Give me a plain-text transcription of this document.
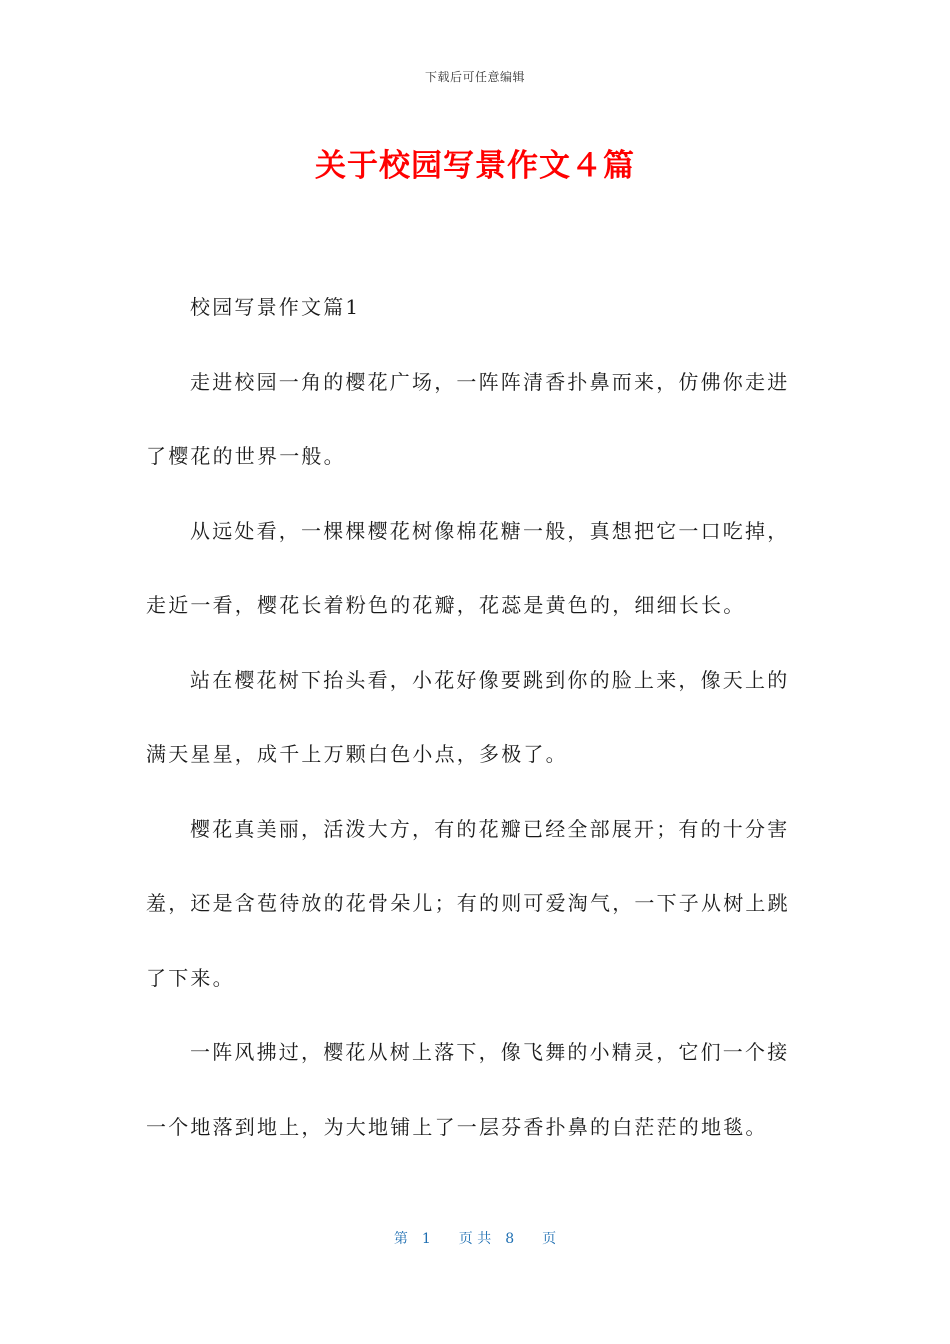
下载后可任意编辑
关于校园写景作文４篇

校园写景作文篇1

走进校园一角的樱花广场，一阵阵清香扑鼻而来，仿佛你走进了樱花的世界一般。

从远处看，一棵棵樱花树像棉花糖一般，真想把它一口吃掉，走近一看，樱花长着粉色的花瓣，花蕊是黄色的，细细长长。

站在樱花树下抬头看，小花好像要跳到你的脸上来，像天上的满天星星，成千上万颗白色小点，多极了。

樱花真美丽，活泼大方，有的花瓣已经全部展开；有的十分害羞，还是含苞待放的花骨朵儿；有的则可爱淘气，一下子从树上跳了下来。

一阵风拂过，樱花从树上落下，像飞舞的小精灵，它们一个接一个地落到地上，为大地铺上了一层芬香扑鼻的白茫茫的地毯。

第　1　　页 共　8　　页
